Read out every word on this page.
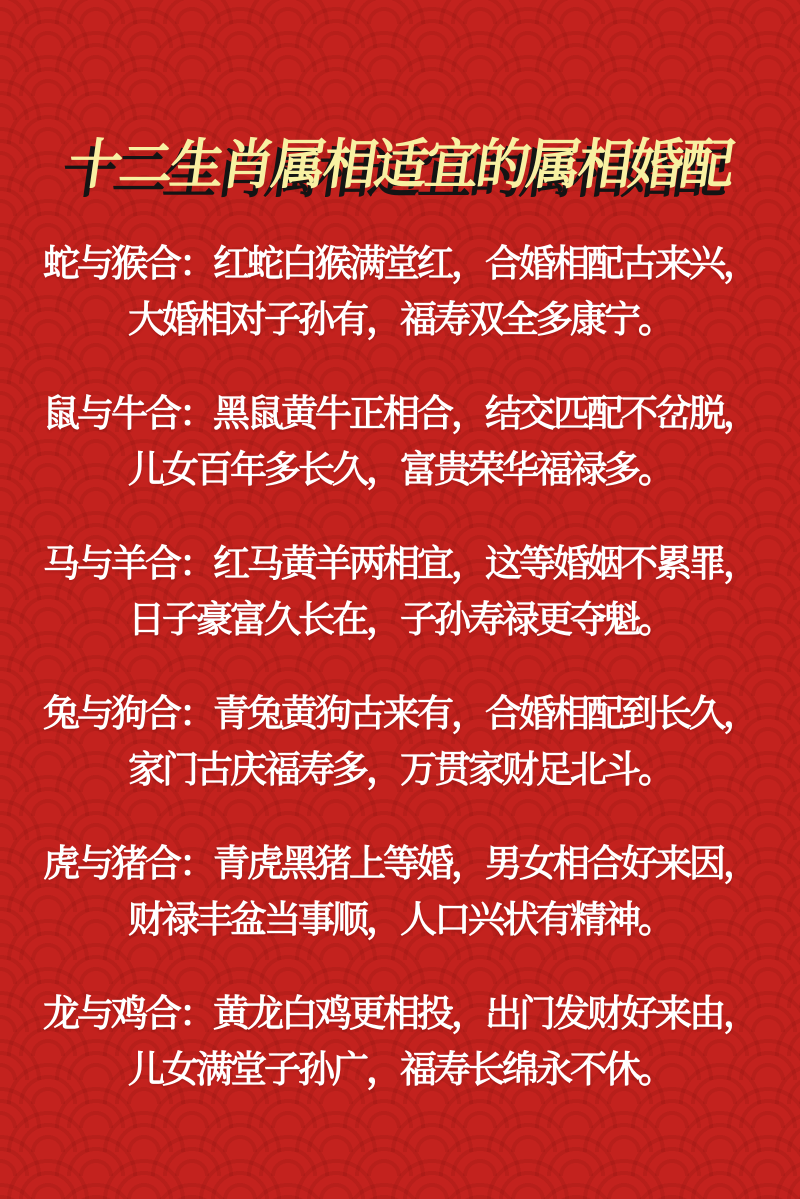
十二生肖属相适宜的属相婚配

蛇与猴合：红蛇白猴满堂红，合婚相配古来兴，
大婚相对子孙有，福寿双全多康宁。

鼠与牛合：黑鼠黄牛正相合，结交匹配不岔脱，
儿女百年多长久，富贵荣华福禄多。

马与羊合：红马黄羊两相宜，这等婚姻不累罪，
日子豪富久长在，子孙寿禄更夺魁。

兔与狗合：青兔黄狗古来有，合婚相配到长久，
家门古庆福寿多，万贯家财足北斗。

虎与猪合：青虎黑猪上等婚，男女相合好来因，
财禄丰盆当事顺，人口兴状有精神。

龙与鸡合：黄龙白鸡更相投，出门发财好来由，
儿女满堂子孙广，福寿长绵永不休。
